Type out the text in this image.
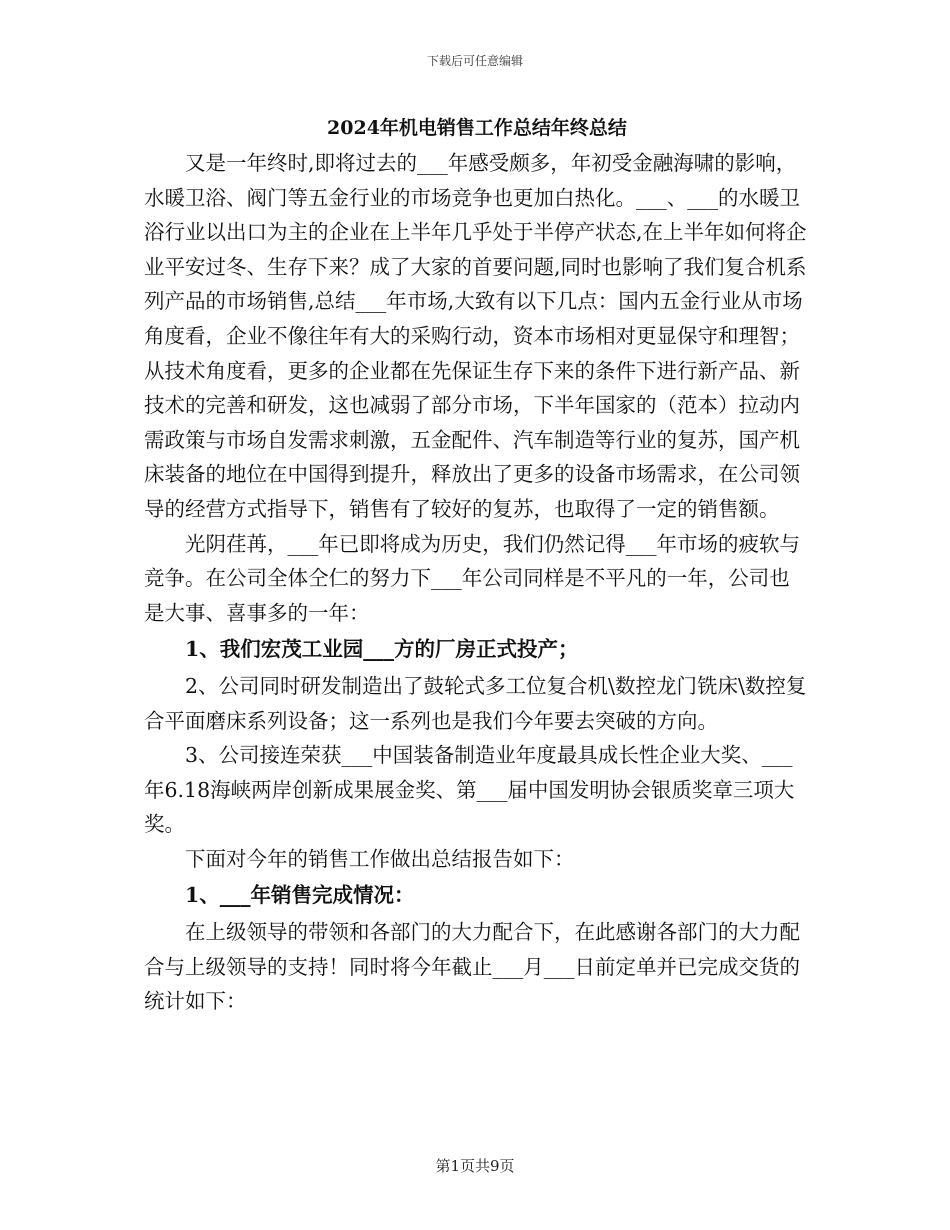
下载后可任意编辑
2024年机电销售工作总结年终总结

又是一年终时,即将过去的___年感受颇多，年初受金融海啸的影响，水暖卫浴、阀门等五金行业的市场竞争也更加白热化。___、___的水暖卫浴行业以出口为主的企业在上半年几乎处于半停产状态,在上半年如何将企业平安过冬、生存下来？成了大家的首要问题,同时也影响了我们复合机系列产品的市场销售,总结___年市场,大致有以下几点：国内五金行业从市场角度看，企业不像往年有大的采购行动，资本市场相对更显保守和理智；从技术角度看，更多的企业都在先保证生存下来的条件下进行新产品、新技术的完善和研发，这也减弱了部分市场，下半年国家的（范本）拉动内需政策与市场自发需求刺激，五金配件、汽车制造等行业的复苏，国产机床装备的地位在中国得到提升，释放出了更多的设备市场需求，在公司领导的经营方式指导下，销售有了较好的复苏，也取得了一定的销售额。

光阴荏苒，___年已即将成为历史，我们仍然记得___年市场的疲软与竞争。在公司全体仝仁的努力下___年公司同样是不平凡的一年，公司也是大事、喜事多的一年：

1、我们宏茂工业园___方的厂房正式投产；

2、公司同时研发制造出了鼓轮式多工位复合机\数控龙门铣床\数控复合平面磨床系列设备；这一系列也是我们今年要去突破的方向。

3、公司接连荣获___中国装备制造业年度最具成长性企业大奖、___年6.18海峡两岸创新成果展金奖、第___届中国发明协会银质奖章三项大奖。

下面对今年的销售工作做出总结报告如下：

1、___年销售完成情况：

在上级领导的带领和各部门的大力配合下，在此感谢各部门的大力配合与上级领导的支持！同时将今年截止___月___日前定单并已完成交货的统计如下：

第1页共9页
